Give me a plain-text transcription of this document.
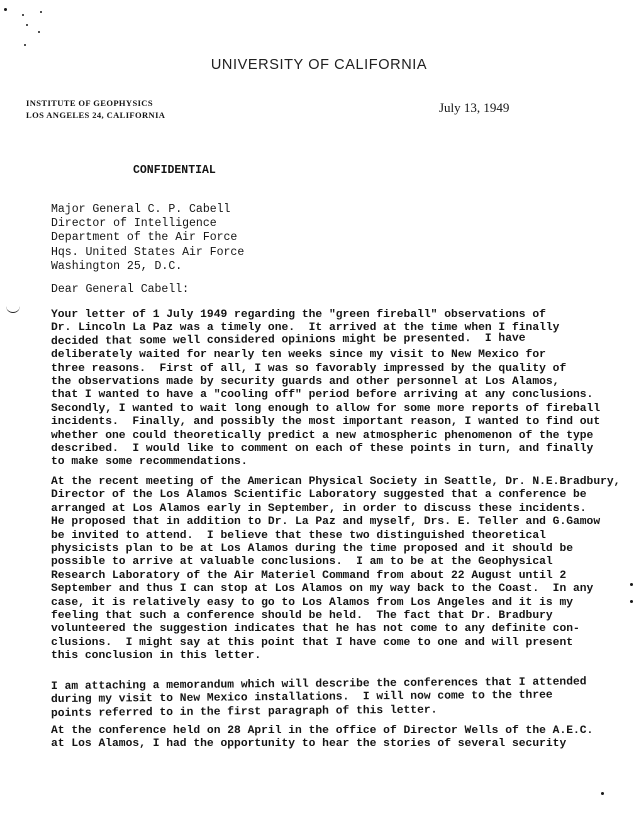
UNIVERSITY OF CALIFORNIA
INSTITUTE OF GEOPHYSICS
LOS ANGELES 24, CALIFORNIA	July 13, 1949
CONFIDENTIAL
Major General C. P. Cabell
Director of Intelligence
Department of the Air Force
Hqs. United States Air Force
Washington 25, D.C.
Dear General Cabell:
Your letter of 1 July 1949 regarding the "green fireball" observations of
Dr. Lincoln La Paz was a timely one.  It arrived at the time when I finally
decided that some well considered opinions might be presented.  I have
deliberately waited for nearly ten weeks since my visit to New Mexico for
three reasons.  First of all, I was so favorably impressed by the quality of
the observations made by security guards and other personnel at Los Alamos,
that I wanted to have a "cooling off" period before arriving at any conclusions.
Secondly, I wanted to wait long enough to allow for some more reports of fireball
incidents.  Finally, and possibly the most important reason, I wanted to find out
whether one could theoretically predict a new atmospheric phenomenon of the type
described.  I would like to comment on each of these points in turn, and finally
to make some recommendations.
At the recent meeting of the American Physical Society in Seattle, Dr. N.E.Bradbury,
Director of the Los Alamos Scientific Laboratory suggested that a conference be
arranged at Los Alamos early in September, in order to discuss these incidents.
He proposed that in addition to Dr. La Paz and myself, Drs. E. Teller and G.Gamow
be invited to attend.  I believe that these two distinguished theoretical
physicists plan to be at Los Alamos during the time proposed and it should be
possible to arrive at valuable conclusions.  I am to be at the Geophysical
Research Laboratory of the Air Materiel Command from about 22 August until 2
September and thus I can stop at Los Alamos on my way back to the Coast.  In any
case, it is relatively easy to go to Los Alamos from Los Angeles and it is my
feeling that such a conference should be held.  The fact that Dr. Bradbury
volunteered the suggestion indicates that he has not come to any definite con-
clusions.  I might say at this point that I have come to one and will present
this conclusion in this letter.
I am attaching a memorandum which will describe the conferences that I attended
during my visit to New Mexico installations.  I will now come to the three
points referred to in the first paragraph of this letter.
At the conference held on 28 April in the office of Director Wells of the A.E.C.
at Los Alamos, I had the opportunity to hear the stories of several security
